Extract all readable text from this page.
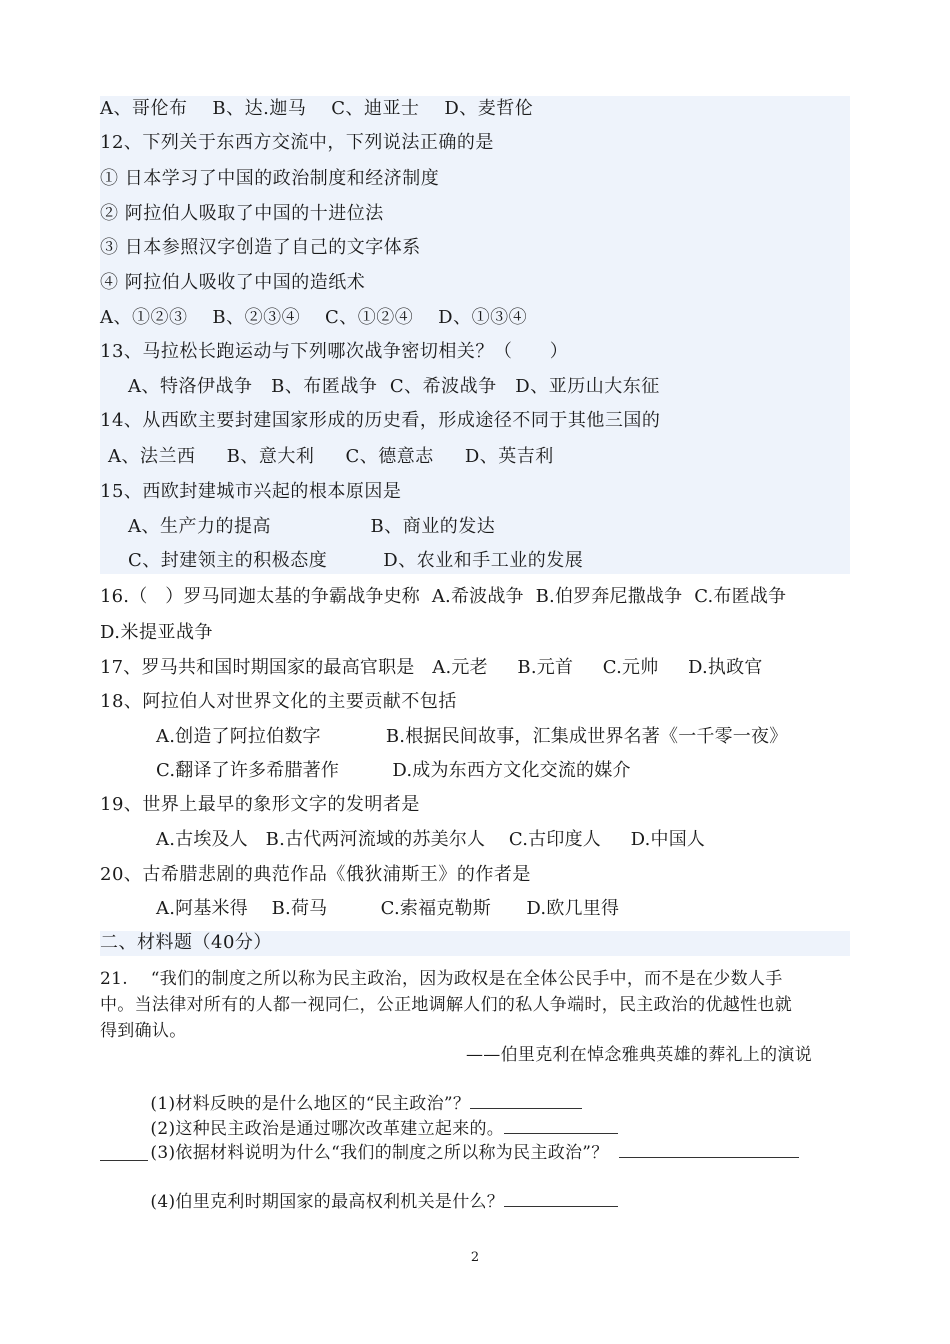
A、哥伦布    B、达.迦马    C、迪亚士    D、麦哲伦
12、下列关于东西方交流中，下列说法正确的是
① 日本学习了中国的政治制度和经济制度
② 阿拉伯人吸取了中国的十进位法
③ 日本参照汉字创造了自己的文字体系
④ 阿拉伯人吸收了中国的造纸术
A、①②③    B、②③④    C、①②④    D、①③④
13、马拉松长跑运动与下列哪次战争密切相关？（      ）
A、特洛伊战争   B、布匿战争  C、希波战争   D、亚历山大东征
14、从西欧主要封建国家形成的历史看，形成途径不同于其他三国的
A、法兰西     B、意大利     C、德意志     D、英吉利
15、西欧封建城市兴起的根本原因是
A、生产力的提高                B、商业的发达
C、封建领主的积极态度         D、农业和手工业的发展
16.（   ）罗马同迦太基的争霸战争史称  A.希波战争  B.伯罗奔尼撒战争  C.布匿战争
D.米提亚战争
17、罗马共和国时期国家的最高官职是   A.元老     B.元首     C.元帅     D.执政官
18、阿拉伯人对世界文化的主要贡献不包括
A.创造了阿拉伯数字           B.根据民间故事，汇集成世界名著《一千零一夜》
C.翻译了许多希腊著作         D.成为东西方文化交流的媒介
19、世界上最早的象形文字的发明者是
A.古埃及人   B.古代两河流域的苏美尔人    C.古印度人     D.中国人
20、古希腊悲剧的典范作品《俄狄浦斯王》的作者是
A.阿基米得    B.荷马         C.索福克勒斯      D.欧几里得
二、材料题（40分）
21.    “我们的制度之所以称为民主政治，因为政权是在全体公民手中，而不是在少数人手
中。当法律对所有的人都一视同仁，公正地调解人们的私人争端时，民主政治的优越性也就
得到确认。
——伯里克利在悼念雅典英雄的葬礼上的演说

(1)材料反映的是什么地区的“民主政治”？

(2)这种民主政治是通过哪次改革建立起来的。

(3)依据材料说明为什么“我们的制度之所以称为民主政治”？

(4)伯里克利时期国家的最高权利机关是什么？

2
